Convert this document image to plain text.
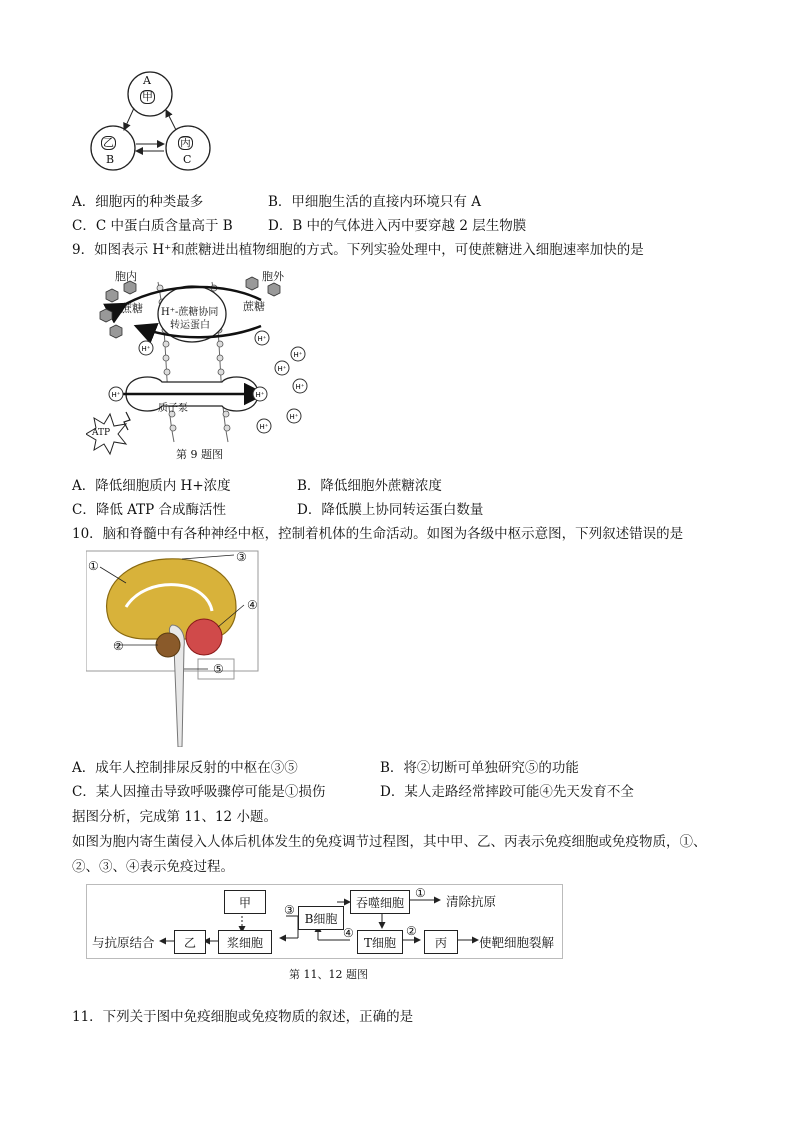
A
甲
乙
B
丙
C
A．细胞丙的种类最多	B．甲细胞生活的直接内环境只有 A
C．C 中蛋白质含量高于 B	D．B 中的气体进入丙中要穿越 2 层生物膜
9．如图表示 H⁺和蔗糖进出植物细胞的方式。下列实验处理中，可使蔗糖进入细胞速率加快的是
H⁺
H⁺
H⁺
H⁺
H⁺
H⁺
H⁺
H⁺
H⁺
胞内	胞外
蔗糖	蔗糖
H⁺-蔗糖协同
转运蛋白
质子泵
ATP
第 9 题图
A．降低细胞质内 H+浓度	B．降低细胞外蔗糖浓度
C．降低 ATP 合成酶活性	D．降低膜上协同转运蛋白数量
10．脑和脊髓中有各种神经中枢，控制着机体的生命活动。如图为各级中枢示意图，下列叙述错误的是
①
③
④
②
⑤
A．成年人控制排尿反射的中枢在③⑤	B．将②切断可单独研究⑤的功能
C．某人因撞击导致呼吸骤停可能是①损伤	D．某人走路经常摔跤可能④先天发育不全
据图分析，完成第 11、12 小题。
如图为胞内寄生菌侵入人体后机体发生的免疫调节过程图，其中甲、乙、丙表示免疫细胞或免疫物质，①、
②、③、④表示免疫过程。
甲
B细胞
吞噬细胞
浆细胞
乙	T细胞	丙
清除抗原
与抗原结合	使靶细胞裂解
①
②
③
④
第 11、12 题图
11．下列关于图中免疫细胞或免疫物质的叙述，正确的是
